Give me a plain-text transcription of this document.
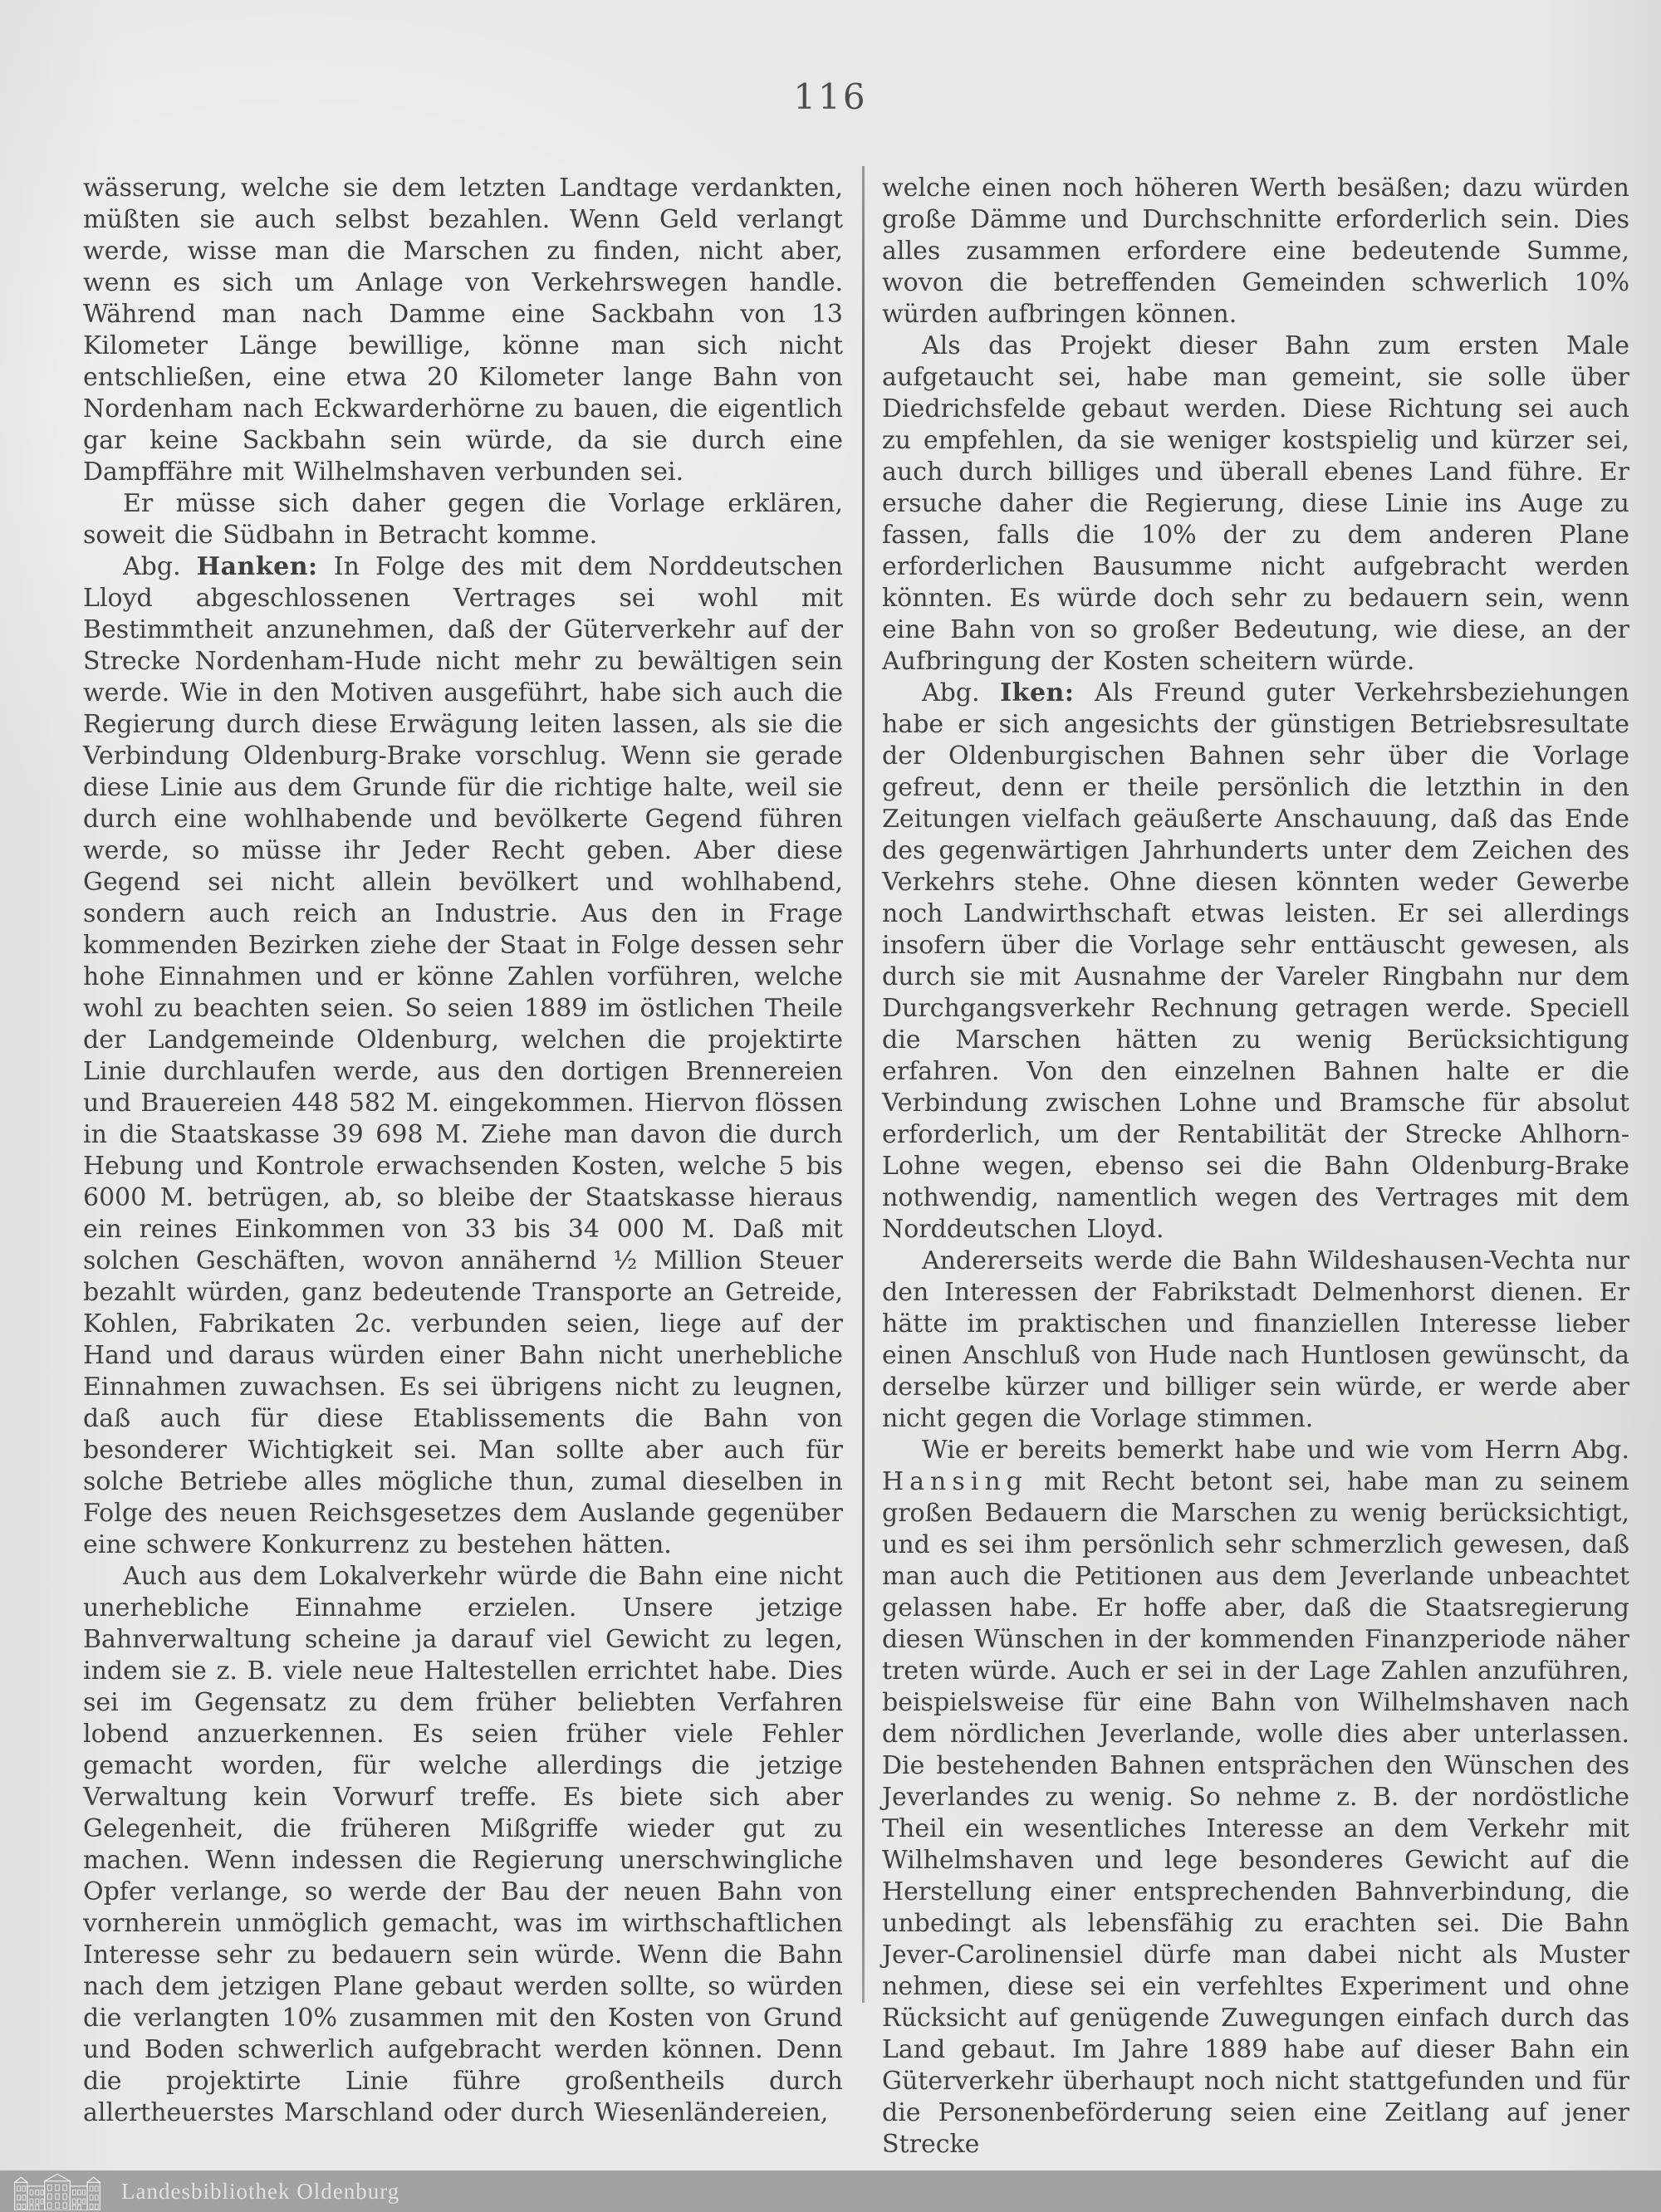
116

wässerung, welche sie dem letzten Landtage verdankten, müßten sie auch selbst bezahlen. Wenn Geld verlangt werde, wisse man die Marschen zu finden, nicht aber, wenn es sich um Anlage von Verkehrswegen handle. Während man nach Damme eine Sackbahn von 13 Kilometer Länge bewillige, könne man sich nicht entschließen, eine etwa 20 Kilometer lange Bahn von Nordenham nach Eckwarderhörne zu bauen, die eigentlich gar keine Sackbahn sein würde, da sie durch eine Dampffähre mit Wilhelmshaven verbunden sei.

Er müsse sich daher gegen die Vorlage erklären, soweit die Südbahn in Betracht komme.

Abg. Hanken: In Folge des mit dem Norddeutschen Lloyd abgeschlossenen Vertrages sei wohl mit Bestimmtheit anzunehmen, daß der Güterverkehr auf der Strecke Nordenham-Hude nicht mehr zu bewältigen sein werde. Wie in den Motiven ausgeführt, habe sich auch die Regierung durch diese Erwägung leiten lassen, als sie die Verbindung Oldenburg-Brake vorschlug. Wenn sie gerade diese Linie aus dem Grunde für die richtige halte, weil sie durch eine wohlhabende und bevölkerte Gegend führen werde, so müsse ihr Jeder Recht geben. Aber diese Gegend sei nicht allein bevölkert und wohlhabend, sondern auch reich an Industrie. Aus den in Frage kommenden Bezirken ziehe der Staat in Folge dessen sehr hohe Einnahmen und er könne Zahlen vorführen, welche wohl zu beachten seien. So seien 1889 im östlichen Theile der Landgemeinde Oldenburg, welchen die projektirte Linie durchlaufen werde, aus den dortigen Brennereien und Brauereien 448 582 M. eingekommen. Hiervon flössen in die Staatskasse 39 698 M. Ziehe man davon die durch Hebung und Kontrole erwachsenden Kosten, welche 5 bis 6000 M. betrügen, ab, so bleibe der Staatskasse hieraus ein reines Einkommen von 33 bis 34 000 M. Daß mit solchen Geschäften, wovon annähernd ½ Million Steuer bezahlt würden, ganz bedeutende Transporte an Getreide, Kohlen, Fabrikaten 2c. verbunden seien, liege auf der Hand und daraus würden einer Bahn nicht unerhebliche Einnahmen zuwachsen. Es sei übrigens nicht zu leugnen, daß auch für diese Etablissements die Bahn von besonderer Wichtigkeit sei. Man sollte aber auch für solche Betriebe alles mögliche thun, zumal dieselben in Folge des neuen Reichsgesetzes dem Auslande gegenüber eine schwere Konkurrenz zu bestehen hätten.

Auch aus dem Lokalverkehr würde die Bahn eine nicht unerhebliche Einnahme erzielen. Unsere jetzige Bahnverwaltung scheine ja darauf viel Gewicht zu legen, indem sie z. B. viele neue Haltestellen errichtet habe. Dies sei im Gegensatz zu dem früher beliebten Verfahren lobend anzuerkennen. Es seien früher viele Fehler gemacht worden, für welche allerdings die jetzige Verwaltung kein Vorwurf treffe. Es biete sich aber Gelegenheit, die früheren Mißgriffe wieder gut zu machen. Wenn indessen die Regierung unerschwingliche Opfer verlange, so werde der Bau der neuen Bahn von vornherein unmöglich gemacht, was im wirthschaftlichen Interesse sehr zu bedauern sein würde. Wenn die Bahn nach dem jetzigen Plane gebaut werden sollte, so würden die verlangten 10% zusammen mit den Kosten von Grund und Boden schwerlich aufgebracht werden können. Denn die projektirte Linie führe großentheils durch allertheuerstes Marschland oder durch Wiesenländereien,

welche einen noch höheren Werth besäßen; dazu würden große Dämme und Durchschnitte erforderlich sein. Dies alles zusammen erfordere eine bedeutende Summe, wovon die betreffenden Gemeinden schwerlich 10% würden aufbringen können.

Als das Projekt dieser Bahn zum ersten Male aufgetaucht sei, habe man gemeint, sie solle über Diedrichsfelde gebaut werden. Diese Richtung sei auch zu empfehlen, da sie weniger kostspielig und kürzer sei, auch durch billiges und überall ebenes Land führe. Er ersuche daher die Regierung, diese Linie ins Auge zu fassen, falls die 10% der zu dem anderen Plane erforderlichen Bausumme nicht aufgebracht werden könnten. Es würde doch sehr zu bedauern sein, wenn eine Bahn von so großer Bedeutung, wie diese, an der Aufbringung der Kosten scheitern würde.

Abg. Iken: Als Freund guter Verkehrsbeziehungen habe er sich angesichts der günstigen Betriebsresultate der Oldenburgischen Bahnen sehr über die Vorlage gefreut, denn er theile persönlich die letzthin in den Zeitungen vielfach geäußerte Anschauung, daß das Ende des gegenwärtigen Jahrhunderts unter dem Zeichen des Verkehrs stehe. Ohne diesen könnten weder Gewerbe noch Landwirthschaft etwas leisten. Er sei allerdings insofern über die Vorlage sehr enttäuscht gewesen, als durch sie mit Ausnahme der Vareler Ringbahn nur dem Durchgangsverkehr Rechnung getragen werde. Speciell die Marschen hätten zu wenig Berücksichtigung erfahren. Von den einzelnen Bahnen halte er die Verbindung zwischen Lohne und Bramsche für absolut erforderlich, um der Rentabilität der Strecke Ahlhorn-Lohne wegen, ebenso sei die Bahn Oldenburg-Brake nothwendig, namentlich wegen des Vertrages mit dem Norddeutschen Lloyd.

Andererseits werde die Bahn Wildeshausen-Vechta nur den Interessen der Fabrikstadt Delmenhorst dienen. Er hätte im praktischen und finanziellen Interesse lieber einen Anschluß von Hude nach Huntlosen gewünscht, da derselbe kürzer und billiger sein würde, er werde aber nicht gegen die Vorlage stimmen.

Wie er bereits bemerkt habe und wie vom Herrn Abg. Hansing mit Recht betont sei, habe man zu seinem großen Bedauern die Marschen zu wenig berücksichtigt, und es sei ihm persönlich sehr schmerzlich gewesen, daß man auch die Petitionen aus dem Jeverlande unbeachtet gelassen habe. Er hoffe aber, daß die Staatsregierung diesen Wünschen in der kommenden Finanzperiode näher treten würde. Auch er sei in der Lage Zahlen anzuführen, beispielsweise für eine Bahn von Wilhelmshaven nach dem nördlichen Jeverlande, wolle dies aber unterlassen. Die bestehenden Bahnen entsprächen den Wünschen des Jeverlandes zu wenig. So nehme z. B. der nordöstliche Theil ein wesentliches Interesse an dem Verkehr mit Wilhelmshaven und lege besonderes Gewicht auf die Herstellung einer entsprechenden Bahnverbindung, die unbedingt als lebensfähig zu erachten sei. Die Bahn Jever-Carolinensiel dürfe man dabei nicht als Muster nehmen, diese sei ein verfehltes Experiment und ohne Rücksicht auf genügende Zuwegungen einfach durch das Land gebaut. Im Jahre 1889 habe auf dieser Bahn ein Güterverkehr überhaupt noch nicht stattgefunden und für die Personenbeförderung seien eine Zeitlang auf jener Strecke

Landesbibliothek Oldenburg
